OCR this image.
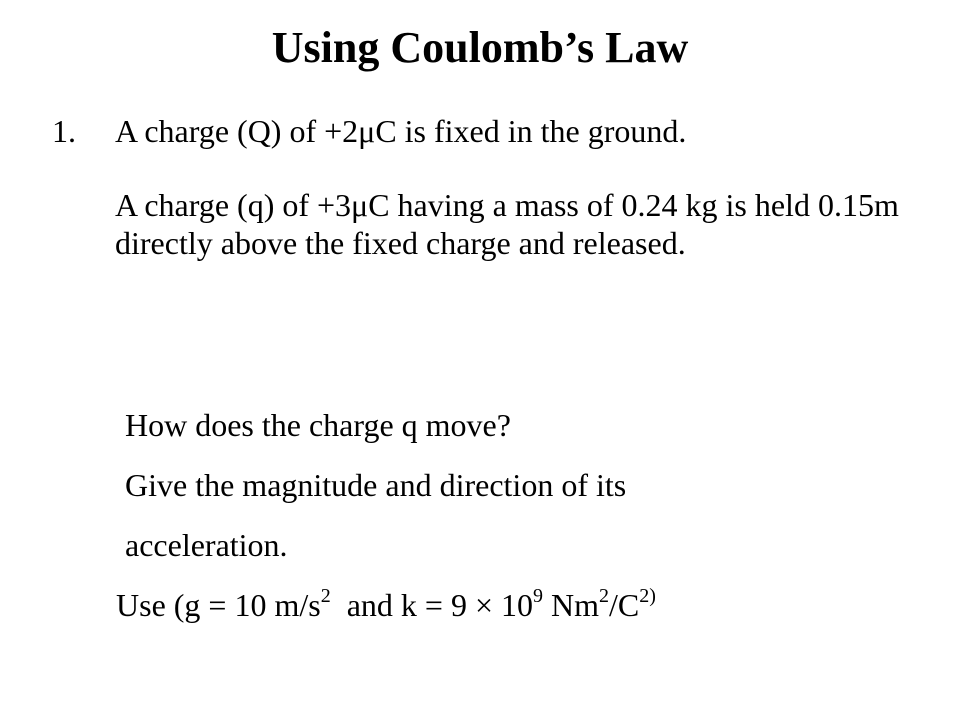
Using Coulomb’s Law
1. A charge (Q) of +2μC is fixed in the ground.

A charge (q) of +3μC having a mass of 0.24 kg is held 0.15m directly above the fixed charge and released.

How does the charge q move?

Give the magnitude and direction of its

acceleration.

Use (g = 10 $m/s^2$  and $k = 9 \times 10^9$ $Nm^2/C^{2)}$
